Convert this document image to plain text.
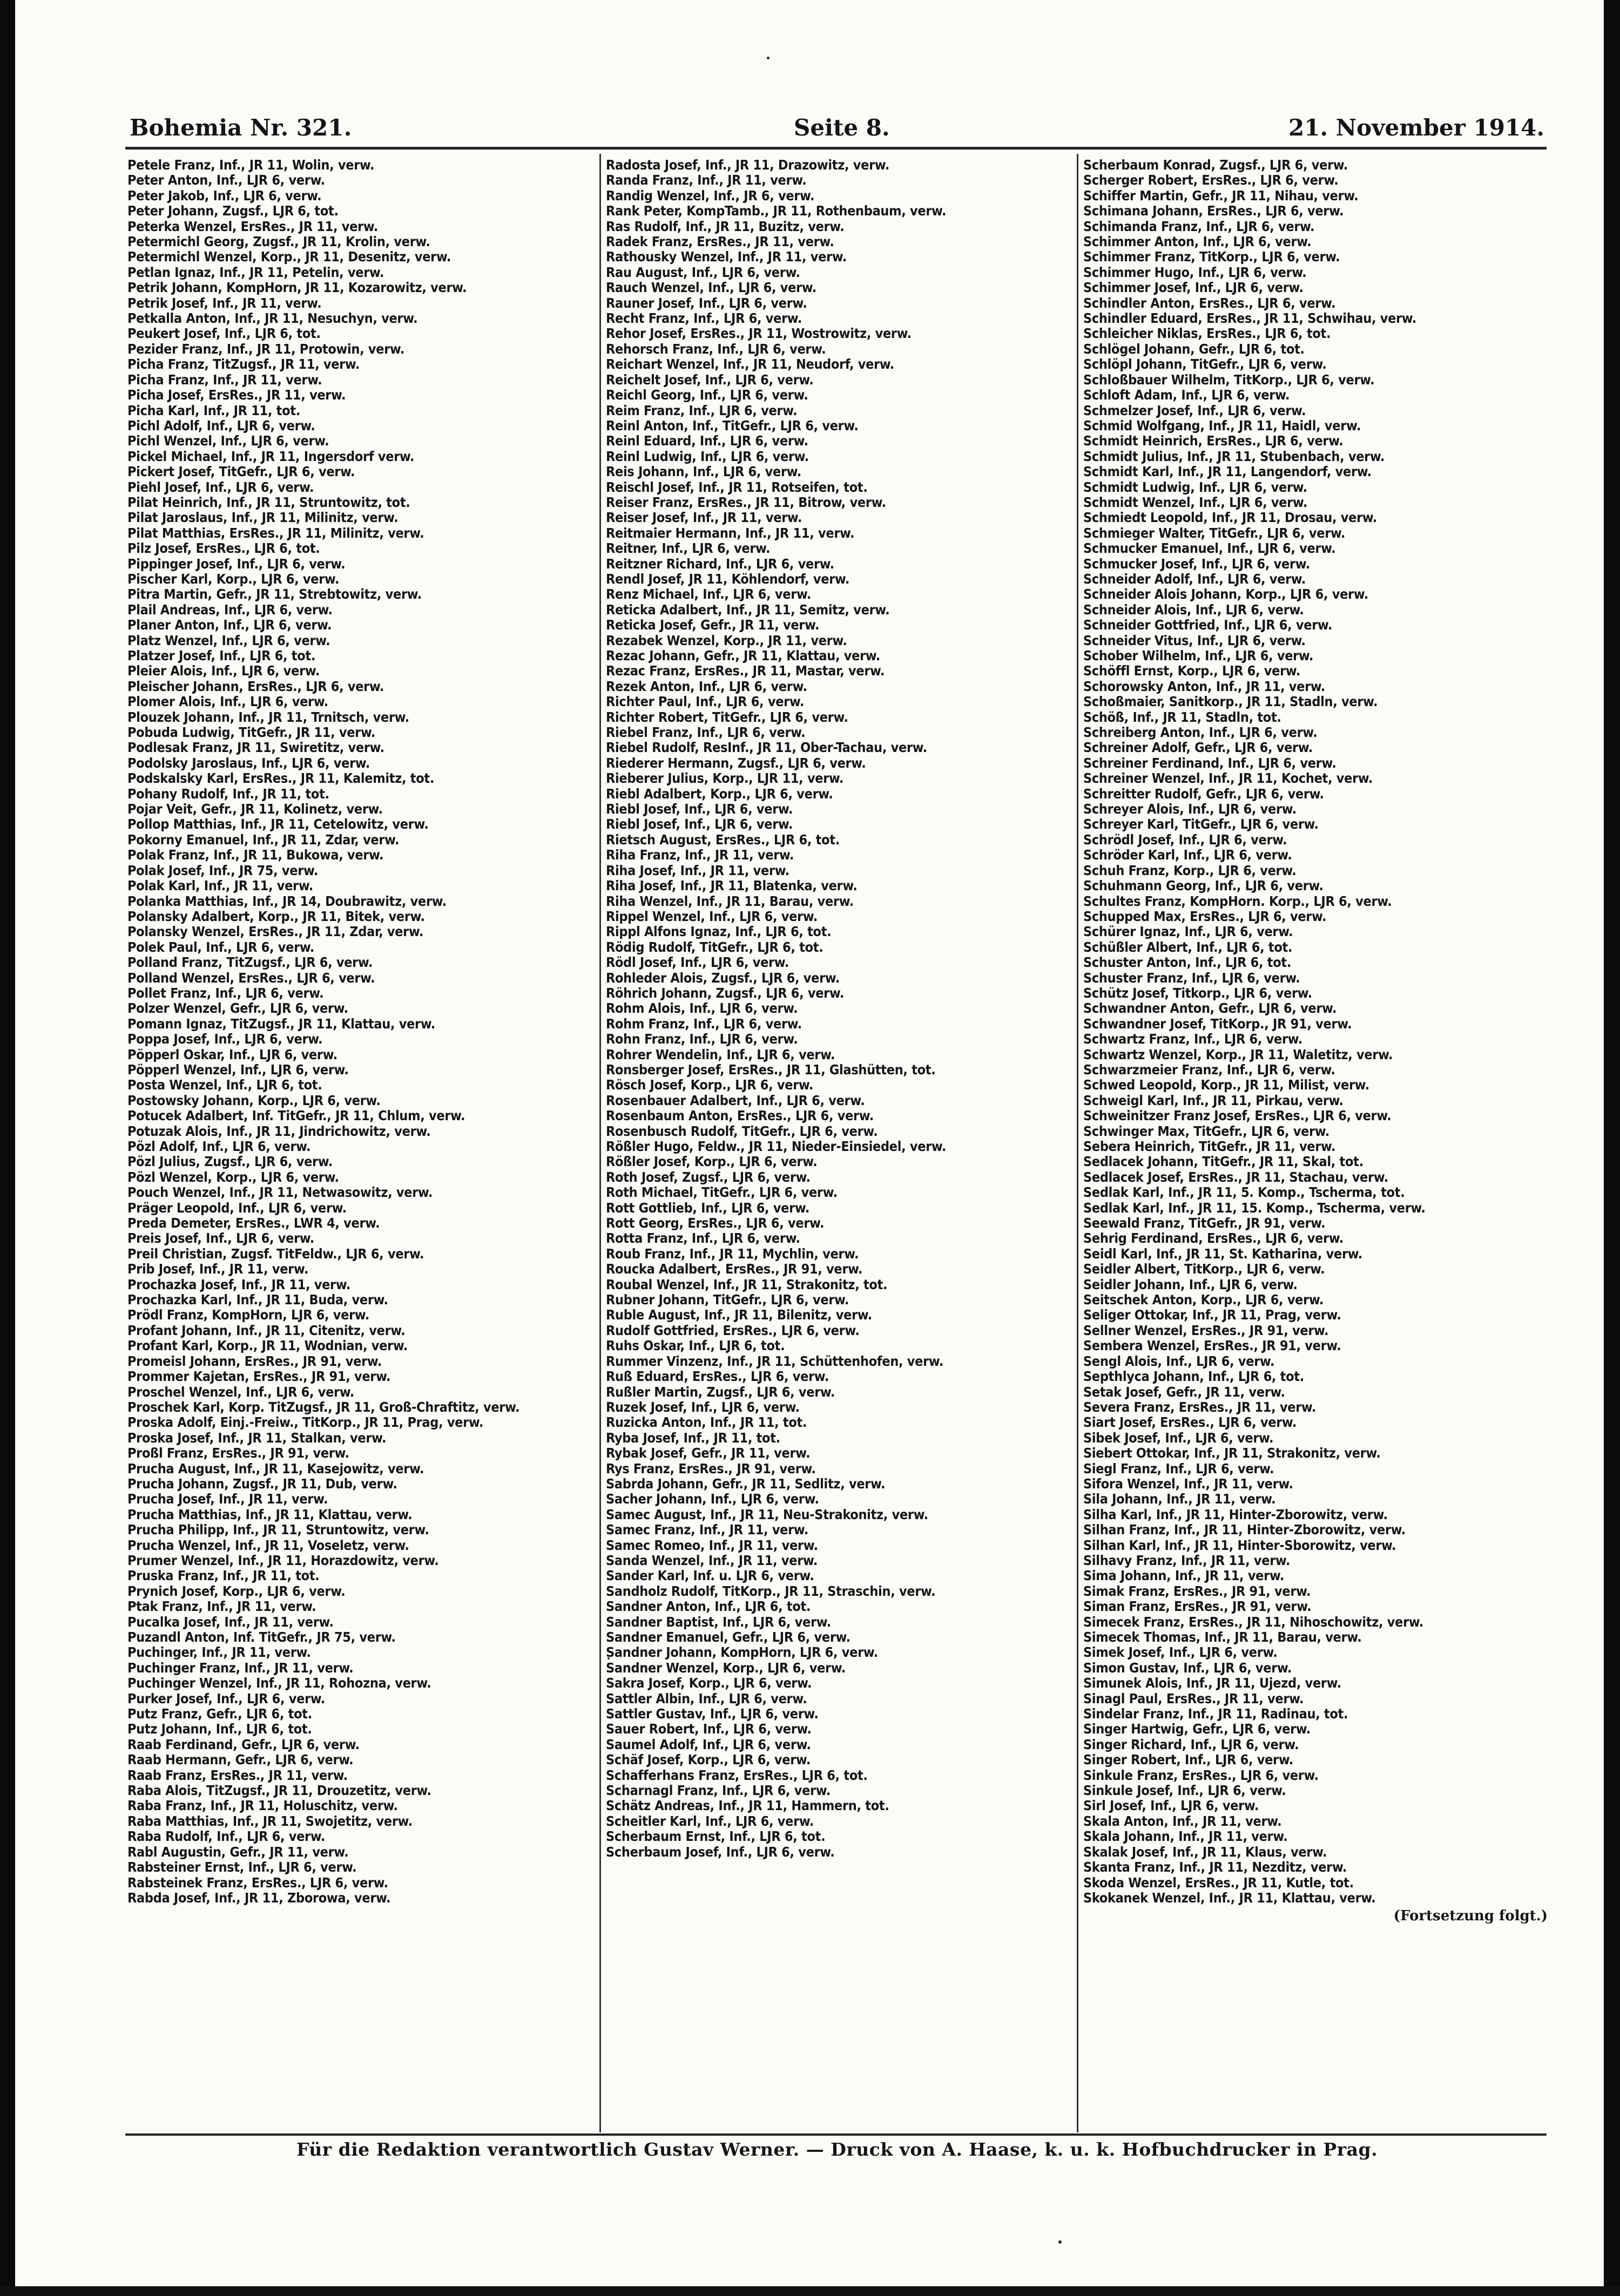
Bohemia Nr. 321.	Seite 8.	21. November 1914.
Petele Franz, Inf., JR 11, Wolin, verw.
Peter Anton, Inf., LJR 6, verw.
Peter Jakob, Inf., LJR 6, verw.
Peter Johann, Zugsf., LJR 6, tot.
Peterka Wenzel, ErsRes., JR 11, verw.
Petermichl Georg, Zugsf., JR 11, Krolin, verw.
Petermichl Wenzel, Korp., JR 11, Desenitz, verw.
Petlan Ignaz, Inf., JR 11, Petelin, verw.
Petrik Johann, KompHorn, JR 11, Kozarowitz, verw.
Petrik Josef, Inf., JR 11, verw.
Petkalla Anton, Inf., JR 11, Nesuchyn, verw.
Peukert Josef, Inf., LJR 6, tot.
Pezider Franz, Inf., JR 11, Protowin, verw.
Picha Franz, TitZugsf., JR 11, verw.
Picha Franz, Inf., JR 11, verw.
Picha Josef, ErsRes., JR 11, verw.
Picha Karl, Inf., JR 11, tot.
Pichl Adolf, Inf., LJR 6, verw.
Pichl Wenzel, Inf., LJR 6, verw.
Pickel Michael, Inf., JR 11, Ingersdorf verw.
Pickert Josef, TitGefr., LJR 6, verw.
Piehl Josef, Inf., LJR 6, verw.
Pilat Heinrich, Inf., JR 11, Struntowitz, tot.
Pilat Jaroslaus, Inf., JR 11, Milinitz, verw.
Pilat Matthias, ErsRes., JR 11, Milinitz, verw.
Pilz Josef, ErsRes., LJR 6, tot.
Pippinger Josef, Inf., LJR 6, verw.
Pischer Karl, Korp., LJR 6, verw.
Pitra Martin, Gefr., JR 11, Strebtowitz, verw.
Plail Andreas, Inf., LJR 6, verw.
Planer Anton, Inf., LJR 6, verw.
Platz Wenzel, Inf., LJR 6, verw.
Platzer Josef, Inf., LJR 6, tot.
Pleier Alois, Inf., LJR 6, verw.
Pleischer Johann, ErsRes., LJR 6, verw.
Plomer Alois, Inf., LJR 6, verw.
Plouzek Johann, Inf., JR 11, Trnitsch, verw.
Pobuda Ludwig, TitGefr., JR 11, verw.
Podlesak Franz, JR 11, Swiretitz, verw.
Podolsky Jaroslaus, Inf., LJR 6, verw.
Podskalsky Karl, ErsRes., JR 11, Kalemitz, tot.
Pohany Rudolf, Inf., JR 11, tot.
Pojar Veit, Gefr., JR 11, Kolinetz, verw.
Pollop Matthias, Inf., JR 11, Cetelowitz, verw.
Pokorny Emanuel, Inf., JR 11, Zdar, verw.
Polak Franz, Inf., JR 11, Bukowa, verw.
Polak Josef, Inf., JR 75, verw.
Polak Karl, Inf., JR 11, verw.
Polanka Matthias, Inf., JR 14, Doubrawitz, verw.
Polansky Adalbert, Korp., JR 11, Bitek, verw.
Polansky Wenzel, ErsRes., JR 11, Zdar, verw.
Polek Paul, Inf., LJR 6, verw.
Polland Franz, TitZugsf., LJR 6, verw.
Polland Wenzel, ErsRes., LJR 6, verw.
Pollet Franz, Inf., LJR 6, verw.
Polzer Wenzel, Gefr., LJR 6, verw.
Pomann Ignaz, TitZugsf., JR 11, Klattau, verw.
Poppa Josef, Inf., LJR 6, verw.
Pöpperl Oskar, Inf., LJR 6, verw.
Pöpperl Wenzel, Inf., LJR 6, verw.
Posta Wenzel, Inf., LJR 6, tot.
Postowsky Johann, Korp., LJR 6, verw.
Potucek Adalbert, Inf. TitGefr., JR 11, Chlum, verw.
Potuzak Alois, Inf., JR 11, Jindrichowitz, verw.
Pözl Adolf, Inf., LJR 6, verw.
Pözl Julius, Zugsf., LJR 6, verw.
Pözl Wenzel, Korp., LJR 6, verw.
Pouch Wenzel, Inf., JR 11, Netwasowitz, verw.
Präger Leopold, Inf., LJR 6, verw.
Preda Demeter, ErsRes., LWR 4, verw.
Preis Josef, Inf., LJR 6, verw.
Preil Christian, Zugsf. TitFeldw., LJR 6, verw.
Prib Josef, Inf., JR 11, verw.
Prochazka Josef, Inf., JR 11, verw.
Prochazka Karl, Inf., JR 11, Buda, verw.
Prödl Franz, KompHorn, LJR 6, verw.
Profant Johann, Inf., JR 11, Citenitz, verw.
Profant Karl, Korp., JR 11, Wodnian, verw.
Promeisl Johann, ErsRes., JR 91, verw.
Prommer Kajetan, ErsRes., JR 91, verw.
Proschel Wenzel, Inf., LJR 6, verw.
Proschek Karl, Korp. TitZugsf., JR 11, Groß-Chraftitz, verw.
Proska Adolf, Einj.-Freiw., TitKorp., JR 11, Prag, verw.
Proska Josef, Inf., JR 11, Stalkan, verw.
Proßl Franz, ErsRes., JR 91, verw.
Prucha August, Inf., JR 11, Kasejowitz, verw.
Prucha Johann, Zugsf., JR 11, Dub, verw.
Prucha Josef, Inf., JR 11, verw.
Prucha Matthias, Inf., JR 11, Klattau, verw.
Prucha Philipp, Inf., JR 11, Struntowitz, verw.
Prucha Wenzel, Inf., JR 11, Voseletz, verw.
Prumer Wenzel, Inf., JR 11, Horazdowitz, verw.
Pruska Franz, Inf., JR 11, tot.
Prynich Josef, Korp., LJR 6, verw.
Ptak Franz, Inf., JR 11, verw.
Pucalka Josef, Inf., JR 11, verw.
Puzandl Anton, Inf. TitGefr., JR 75, verw.
Puchinger, Inf., JR 11, verw.
Puchinger Franz, Inf., JR 11, verw.
Puchinger Wenzel, Inf., JR 11, Rohozna, verw.
Purker Josef, Inf., LJR 6, verw.
Putz Franz, Gefr., LJR 6, tot.
Putz Johann, Inf., LJR 6, tot.
Raab Ferdinand, Gefr., LJR 6, verw.
Raab Hermann, Gefr., LJR 6, verw.
Raab Franz, ErsRes., JR 11, verw.
Raba Alois, TitZugsf., JR 11, Drouzetitz, verw.
Raba Franz, Inf., JR 11, Holuschitz, verw.
Raba Matthias, Inf., JR 11, Swojetitz, verw.
Raba Rudolf, Inf., LJR 6, verw.
Rabl Augustin, Gefr., JR 11, verw.
Rabsteiner Ernst, Inf., LJR 6, verw.
Rabsteinek Franz, ErsRes., LJR 6, verw.
Rabda Josef, Inf., JR 11, Zborowa, verw.
Radosta Josef, Inf., JR 11, Drazowitz, verw.
Randa Franz, Inf., JR 11, verw.
Randig Wenzel, Inf., JR 6, verw.
Rank Peter, KompTamb., JR 11, Rothenbaum, verw.
Ras Rudolf, Inf., JR 11, Buzitz, verw.
Radek Franz, ErsRes., JR 11, verw.
Rathousky Wenzel, Inf., JR 11, verw.
Rau August, Inf., LJR 6, verw.
Rauch Wenzel, Inf., LJR 6, verw.
Rauner Josef, Inf., LJR 6, verw.
Recht Franz, Inf., LJR 6, verw.
Rehor Josef, ErsRes., JR 11, Wostrowitz, verw.
Rehorsch Franz, Inf., LJR 6, verw.
Reichart Wenzel, Inf., JR 11, Neudorf, verw.
Reichelt Josef, Inf., LJR 6, verw.
Reichl Georg, Inf., LJR 6, verw.
Reim Franz, Inf., LJR 6, verw.
Reinl Anton, Inf., TitGefr., LJR 6, verw.
Reinl Eduard, Inf., LJR 6, verw.
Reinl Ludwig, Inf., LJR 6, verw.
Reis Johann, Inf., LJR 6, verw.
Reischl Josef, Inf., JR 11, Rotseifen, tot.
Reiser Franz, ErsRes., JR 11, Bitrow, verw.
Reiser Josef, Inf., JR 11, verw.
Reitmaier Hermann, Inf., JR 11, verw.
Reitner, Inf., LJR 6, verw.
Reitzner Richard, Inf., LJR 6, verw.
Rendl Josef, JR 11, Köhlendorf, verw.
Renz Michael, Inf., LJR 6, verw.
Reticka Adalbert, Inf., JR 11, Semitz, verw.
Reticka Josef, Gefr., JR 11, verw.
Rezabek Wenzel, Korp., JR 11, verw.
Rezac Johann, Gefr., JR 11, Klattau, verw.
Rezac Franz, ErsRes., JR 11, Mastar, verw.
Rezek Anton, Inf., LJR 6, verw.
Richter Paul, Inf., LJR 6, verw.
Richter Robert, TitGefr., LJR 6, verw.
Riebel Franz, Inf., LJR 6, verw.
Riebel Rudolf, ResInf., JR 11, Ober-Tachau, verw.
Riederer Hermann, Zugsf., LJR 6, verw.
Rieberer Julius, Korp., LJR 11, verw.
Riebl Adalbert, Korp., LJR 6, verw.
Riebl Josef, Inf., LJR 6, verw.
Riebl Josef, Inf., LJR 6, verw.
Rietsch August, ErsRes., LJR 6, tot.
Riha Franz, Inf., JR 11, verw.
Riha Josef, Inf., JR 11, verw.
Riha Josef, Inf., JR 11, Blatenka, verw.
Riha Wenzel, Inf., JR 11, Barau, verw.
Rippel Wenzel, Inf., LJR 6, verw.
Rippl Alfons Ignaz, Inf., LJR 6, tot.
Rödig Rudolf, TitGefr., LJR 6, tot.
Rödl Josef, Inf., LJR 6, verw.
Rohleder Alois, Zugsf., LJR 6, verw.
Röhrich Johann, Zugsf., LJR 6, verw.
Rohm Alois, Inf., LJR 6, verw.
Rohm Franz, Inf., LJR 6, verw.
Rohn Franz, Inf., LJR 6, verw.
Rohrer Wendelin, Inf., LJR 6, verw.
Ronsberger Josef, ErsRes., JR 11, Glashütten, tot.
Rösch Josef, Korp., LJR 6, verw.
Rosenbauer Adalbert, Inf., LJR 6, verw.
Rosenbaum Anton, ErsRes., LJR 6, verw.
Rosenbusch Rudolf, TitGefr., LJR 6, verw.
Rößler Hugo, Feldw., JR 11, Nieder-Einsiedel, verw.
Rößler Josef, Korp., LJR 6, verw.
Roth Josef, Zugsf., LJR 6, verw.
Roth Michael, TitGefr., LJR 6, verw.
Rott Gottlieb, Inf., LJR 6, verw.
Rott Georg, ErsRes., LJR 6, verw.
Rotta Franz, Inf., LJR 6, verw.
Roub Franz, Inf., JR 11, Mychlin, verw.
Roucka Adalbert, ErsRes., JR 91, verw.
Roubal Wenzel, Inf., JR 11, Strakonitz, tot.
Rubner Johann, TitGefr., LJR 6, verw.
Ruble August, Inf., JR 11, Bilenitz, verw.
Rudolf Gottfried, ErsRes., LJR 6, verw.
Ruhs Oskar, Inf., LJR 6, tot.
Rummer Vinzenz, Inf., JR 11, Schüttenhofen, verw.
Ruß Eduard, ErsRes., LJR 6, verw.
Rußler Martin, Zugsf., LJR 6, verw.
Ruzek Josef, Inf., LJR 6, verw.
Ruzicka Anton, Inf., JR 11, tot.
Ryba Josef, Inf., JR 11, tot.
Rybak Josef, Gefr., JR 11, verw.
Rys Franz, ErsRes., JR 91, verw.
Sabrda Johann, Gefr., JR 11, Sedlitz, verw.
Sacher Johann, Inf., LJR 6, verw.
Samec August, Inf., JR 11, Neu-Strakonitz, verw.
Samec Franz, Inf., JR 11, verw.
Samec Romeo, Inf., JR 11, verw.
Sanda Wenzel, Inf., JR 11, verw.
Sander Karl, Inf. u. LJR 6, verw.
Sandholz Rudolf, TitKorp., JR 11, Straschin, verw.
Sandner Anton, Inf., LJR 6, tot.
Sandner Baptist, Inf., LJR 6, verw.
Sandner Emanuel, Gefr., LJR 6, verw.
Sandner Johann, KompHorn, LJR 6, verw.
Sandner Wenzel, Korp., LJR 6, verw.
Sakra Josef, Korp., LJR 6, verw.
Sattler Albin, Inf., LJR 6, verw.
Sattler Gustav, Inf., LJR 6, verw.
Sauer Robert, Inf., LJR 6, verw.
Saumel Adolf, Inf., LJR 6, verw.
Schäf Josef, Korp., LJR 6, verw.
Schafferhans Franz, ErsRes., LJR 6, tot.
Scharnagl Franz, Inf., LJR 6, verw.
Schätz Andreas, Inf., JR 11, Hammern, tot.
Scheitler Karl, Inf., LJR 6, verw.
Scherbaum Ernst, Inf., LJR 6, tot.
Scherbaum Josef, Inf., LJR 6, verw.
Scherbaum Konrad, Zugsf., LJR 6, verw.
Scherger Robert, ErsRes., LJR 6, verw.
Schiffer Martin, Gefr., JR 11, Nihau, verw.
Schimana Johann, ErsRes., LJR 6, verw.
Schimanda Franz, Inf., LJR 6, verw.
Schimmer Anton, Inf., LJR 6, verw.
Schimmer Franz, TitKorp., LJR 6, verw.
Schimmer Hugo, Inf., LJR 6, verw.
Schimmer Josef, Inf., LJR 6, verw.
Schindler Anton, ErsRes., LJR 6, verw.
Schindler Eduard, ErsRes., JR 11, Schwihau, verw.
Schleicher Niklas, ErsRes., LJR 6, tot.
Schlögel Johann, Gefr., LJR 6, tot.
Schlöpl Johann, TitGefr., LJR 6, verw.
Schloßbauer Wilhelm, TitKorp., LJR 6, verw.
Schloft Adam, Inf., LJR 6, verw.
Schmelzer Josef, Inf., LJR 6, verw.
Schmid Wolfgang, Inf., JR 11, Haidl, verw.
Schmidt Heinrich, ErsRes., LJR 6, verw.
Schmidt Julius, Inf., JR 11, Stubenbach, verw.
Schmidt Karl, Inf., JR 11, Langendorf, verw.
Schmidt Ludwig, Inf., LJR 6, verw.
Schmidt Wenzel, Inf., LJR 6, verw.
Schmiedt Leopold, Inf., JR 11, Drosau, verw.
Schmieger Walter, TitGefr., LJR 6, verw.
Schmucker Emanuel, Inf., LJR 6, verw.
Schmucker Josef, Inf., LJR 6, verw.
Schneider Adolf, Inf., LJR 6, verw.
Schneider Alois Johann, Korp., LJR 6, verw.
Schneider Alois, Inf., LJR 6, verw.
Schneider Gottfried, Inf., LJR 6, verw.
Schneider Vitus, Inf., LJR 6, verw.
Schober Wilhelm, Inf., LJR 6, verw.
Schöffl Ernst, Korp., LJR 6, verw.
Schorowsky Anton, Inf., JR 11, verw.
Schoßmaier, Sanitkorp., JR 11, Stadln, verw.
Schöß, Inf., JR 11, Stadln, tot.
Schreiberg Anton, Inf., LJR 6, verw.
Schreiner Adolf, Gefr., LJR 6, verw.
Schreiner Ferdinand, Inf., LJR 6, verw.
Schreiner Wenzel, Inf., JR 11, Kochet, verw.
Schreitter Rudolf, Gefr., LJR 6, verw.
Schreyer Alois, Inf., LJR 6, verw.
Schreyer Karl, TitGefr., LJR 6, verw.
Schrödl Josef, Inf., LJR 6, verw.
Schröder Karl, Inf., LJR 6, verw.
Schuh Franz, Korp., LJR 6, verw.
Schuhmann Georg, Inf., LJR 6, verw.
Schultes Franz, KompHorn. Korp., LJR 6, verw.
Schupped Max, ErsRes., LJR 6, verw.
Schürer Ignaz, Inf., LJR 6, verw.
Schüßler Albert, Inf., LJR 6, tot.
Schuster Anton, Inf., LJR 6, tot.
Schuster Franz, Inf., LJR 6, verw.
Schütz Josef, Titkorp., LJR 6, verw.
Schwandner Anton, Gefr., LJR 6, verw.
Schwandner Josef, TitKorp., JR 91, verw.
Schwartz Franz, Inf., LJR 6, verw.
Schwartz Wenzel, Korp., JR 11, Waletitz, verw.
Schwarzmeier Franz, Inf., LJR 6, verw.
Schwed Leopold, Korp., JR 11, Milist, verw.
Schweigl Karl, Inf., JR 11, Pirkau, verw.
Schweinitzer Franz Josef, ErsRes., LJR 6, verw.
Schwinger Max, TitGefr., LJR 6, verw.
Sebera Heinrich, TitGefr., JR 11, verw.
Sedlacek Johann, TitGefr., JR 11, Skal, tot.
Sedlacek Josef, ErsRes., JR 11, Stachau, verw.
Sedlak Karl, Inf., JR 11, 5. Komp., Tscherma, tot.
Sedlak Karl, Inf., JR 11, 15. Komp., Tscherma, verw.
Seewald Franz, TitGefr., JR 91, verw.
Sehrig Ferdinand, ErsRes., LJR 6, verw.
Seidl Karl, Inf., JR 11, St. Katharina, verw.
Seidler Albert, TitKorp., LJR 6, verw.
Seidler Johann, Inf., LJR 6, verw.
Seitschek Anton, Korp., LJR 6, verw.
Seliger Ottokar, Inf., JR 11, Prag, verw.
Sellner Wenzel, ErsRes., JR 91, verw.
Sembera Wenzel, ErsRes., JR 91, verw.
Sengl Alois, Inf., LJR 6, verw.
Septhlyca Johann, Inf., LJR 6, tot.
Setak Josef, Gefr., JR 11, verw.
Severa Franz, ErsRes., JR 11, verw.
Siart Josef, ErsRes., LJR 6, verw.
Sibek Josef, Inf., LJR 6, verw.
Siebert Ottokar, Inf., JR 11, Strakonitz, verw.
Siegl Franz, Inf., LJR 6, verw.
Sifora Wenzel, Inf., JR 11, verw.
Sila Johann, Inf., JR 11, verw.
Silha Karl, Inf., JR 11, Hinter-Zborowitz, verw.
Silhan Franz, Inf., JR 11, Hinter-Zborowitz, verw.
Silhan Karl, Inf., JR 11, Hinter-Sborowitz, verw.
Silhavy Franz, Inf., JR 11, verw.
Sima Johann, Inf., JR 11, verw.
Simak Franz, ErsRes., JR 91, verw.
Siman Franz, ErsRes., JR 91, verw.
Simecek Franz, ErsRes., JR 11, Nihoschowitz, verw.
Simecek Thomas, Inf., JR 11, Barau, verw.
Simek Josef, Inf., LJR 6, verw.
Simon Gustav, Inf., LJR 6, verw.
Simunek Alois, Inf., JR 11, Ujezd, verw.
Sinagl Paul, ErsRes., JR 11, verw.
Sindelar Franz, Inf., JR 11, Radinau, tot.
Singer Hartwig, Gefr., LJR 6, verw.
Singer Richard, Inf., LJR 6, verw.
Singer Robert, Inf., LJR 6, verw.
Sinkule Franz, ErsRes., LJR 6, verw.
Sinkule Josef, Inf., LJR 6, verw.
Sirl Josef, Inf., LJR 6, verw.
Skala Anton, Inf., JR 11, verw.
Skala Johann, Inf., JR 11, verw.
Skalak Josef, Inf., JR 11, Klaus, verw.
Skanta Franz, Inf., JR 11, Nezditz, verw.
Skoda Wenzel, ErsRes., JR 11, Kutle, tot.
Skokanek Wenzel, Inf., JR 11, Klattau, verw.
(Fortsetzung folgt.)
Für die Redaktion verantwortlich Gustav Werner. — Druck von A. Haase, k. u. k. Hofbuchdrucker in Prag.
